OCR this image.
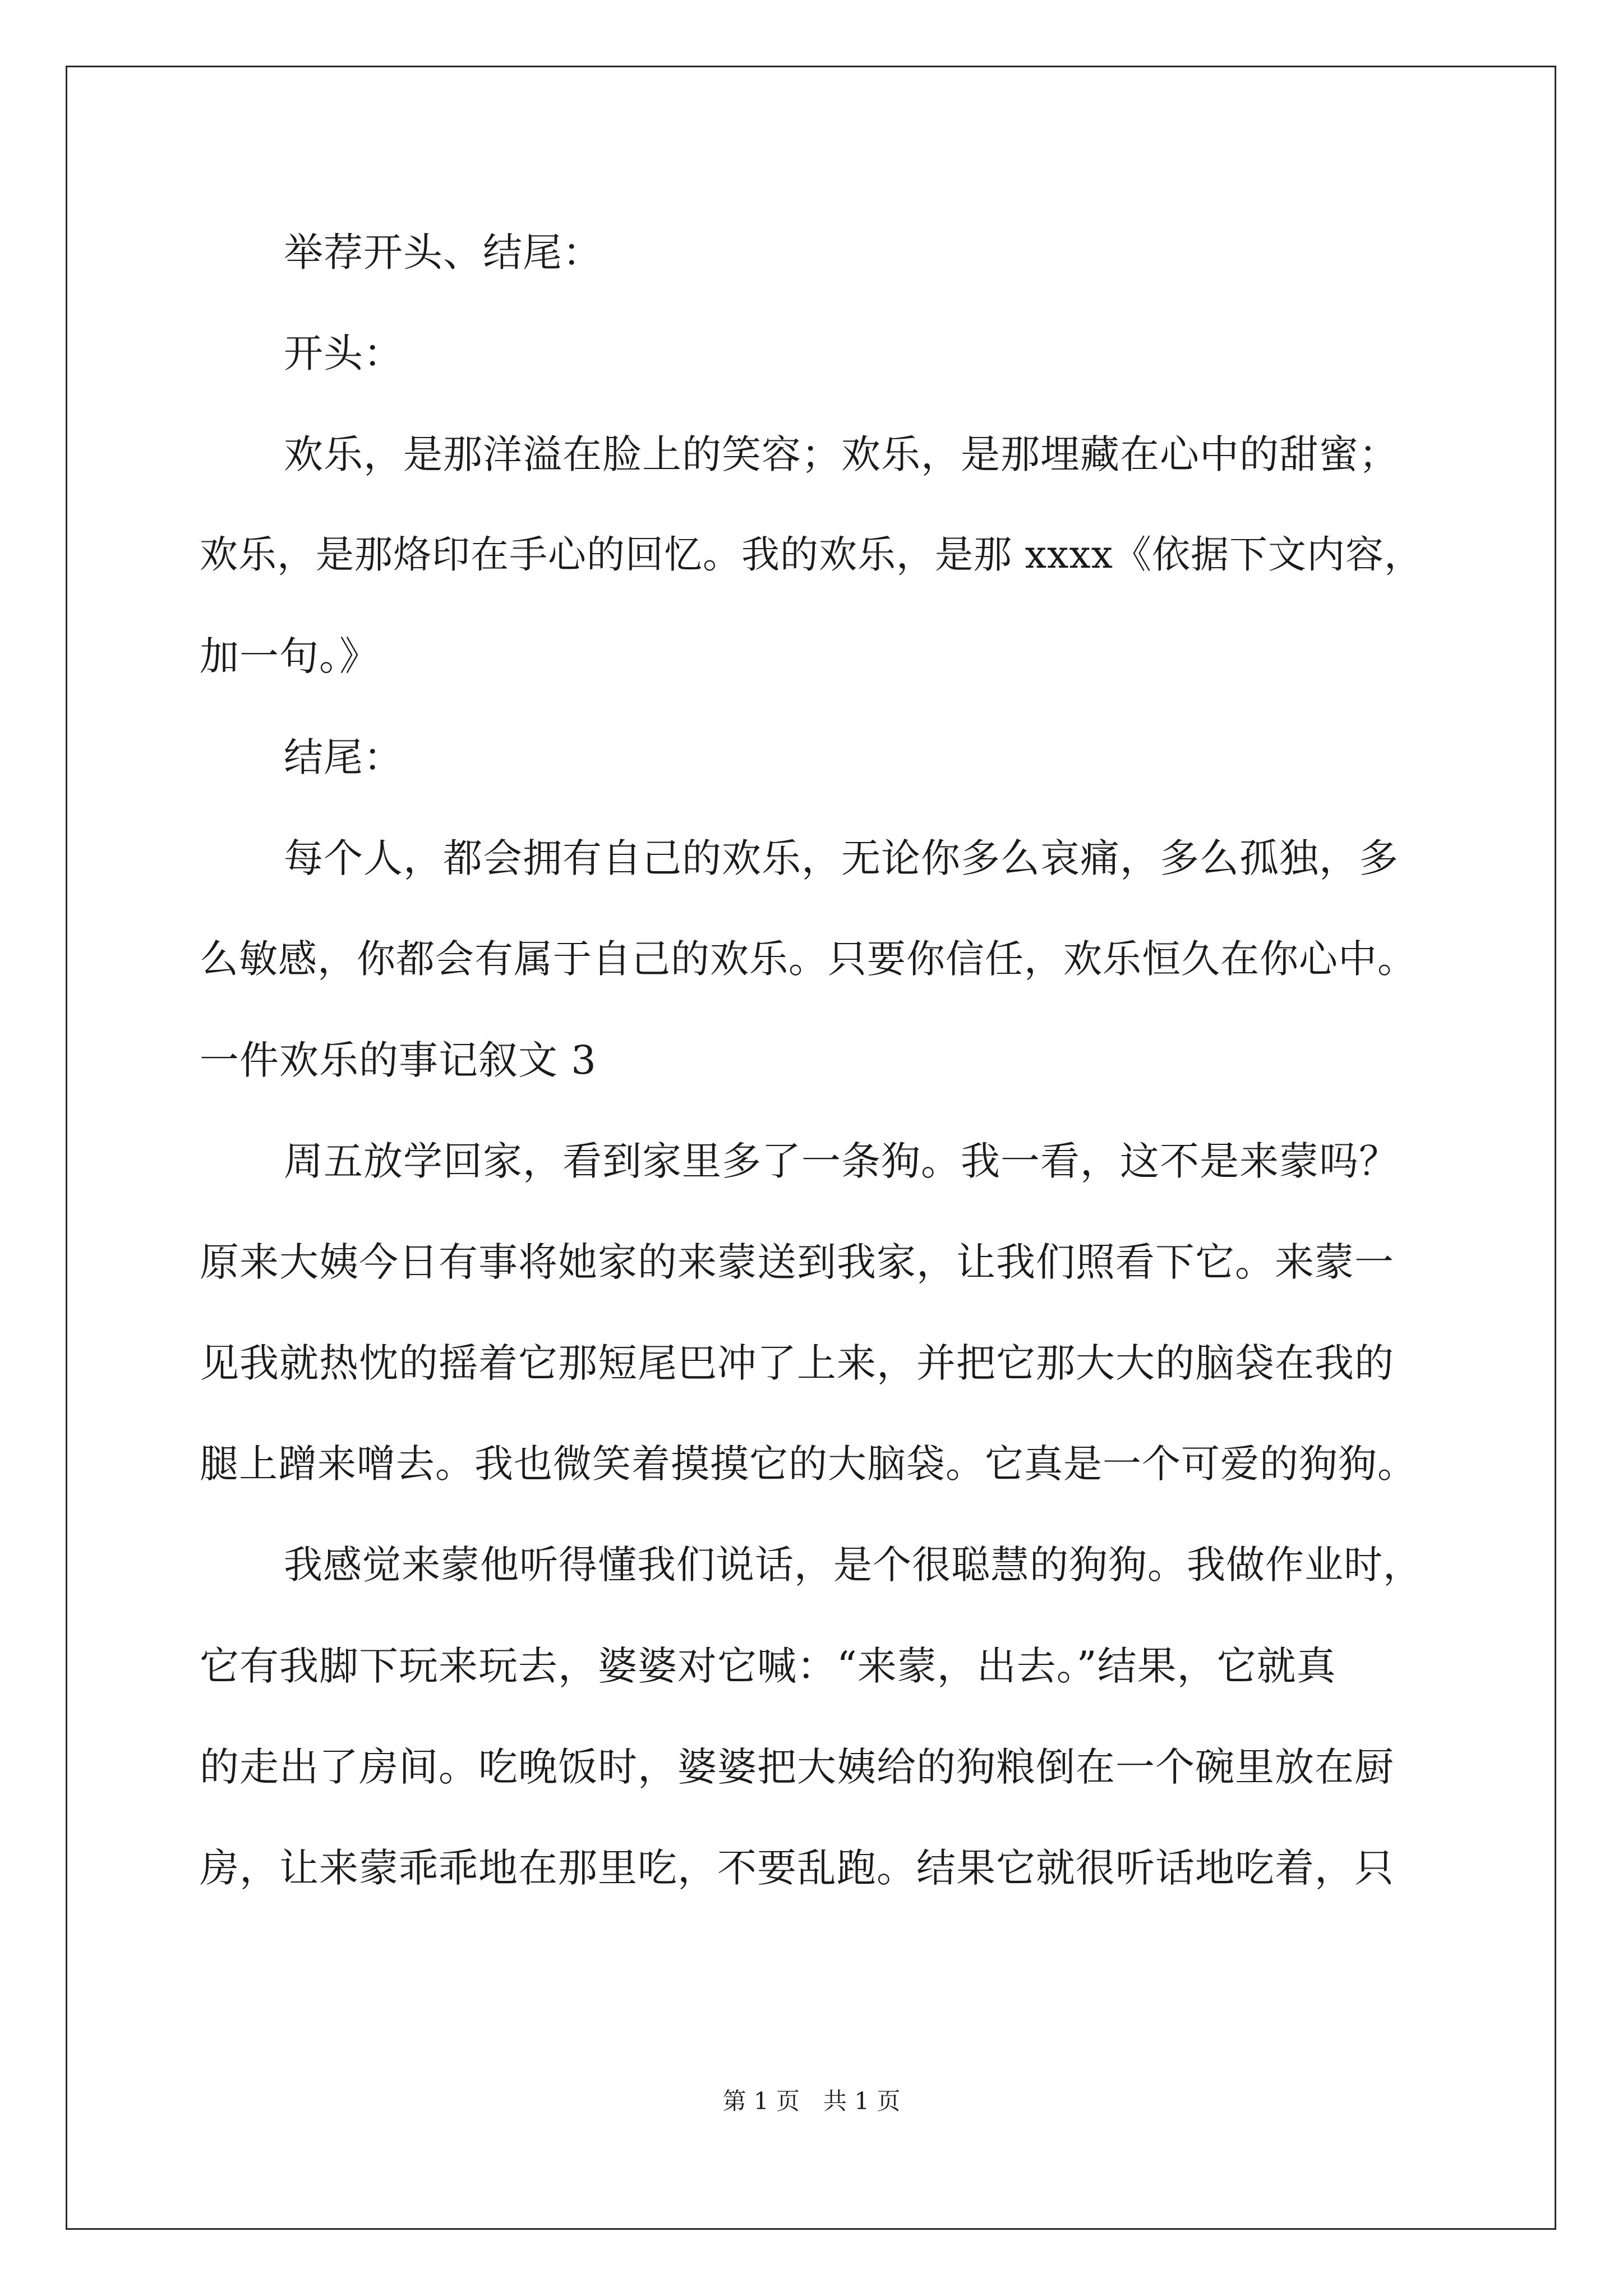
举荐开头、结尾：
开头：
欢乐，是那洋溢在脸上的笑容；欢乐，是那埋藏在心中的甜蜜；
欢乐，是那烙印在手心的回忆。我的欢乐，是那 xxxx《依据下文内容，
加一句。》
结尾：
每个人，都会拥有自己的欢乐，无论你多么哀痛，多么孤独，多
么敏感，你都会有属于自己的欢乐。只要你信任，欢乐恒久在你心中。
一件欢乐的事记叙文 3
周五放学回家，看到家里多了一条狗。我一看，这不是来蒙吗？
原来大姨今日有事将她家的来蒙送到我家，让我们照看下它。来蒙一
见我就热忱的摇着它那短尾巴冲了上来，并把它那大大的脑袋在我的
腿上蹭来噌去。我也微笑着摸摸它的大脑袋。它真是一个可爱的狗狗。
我感觉来蒙他听得懂我们说话，是个很聪慧的狗狗。我做作业时，
它有我脚下玩来玩去，婆婆对它喊：“来蒙，出去。”结果，它就真
的走出了房间。吃晚饭时，婆婆把大姨给的狗粮倒在一个碗里放在厨
房，让来蒙乖乖地在那里吃，不要乱跑。结果它就很听话地吃着，只
第 1 页　共 1 页
